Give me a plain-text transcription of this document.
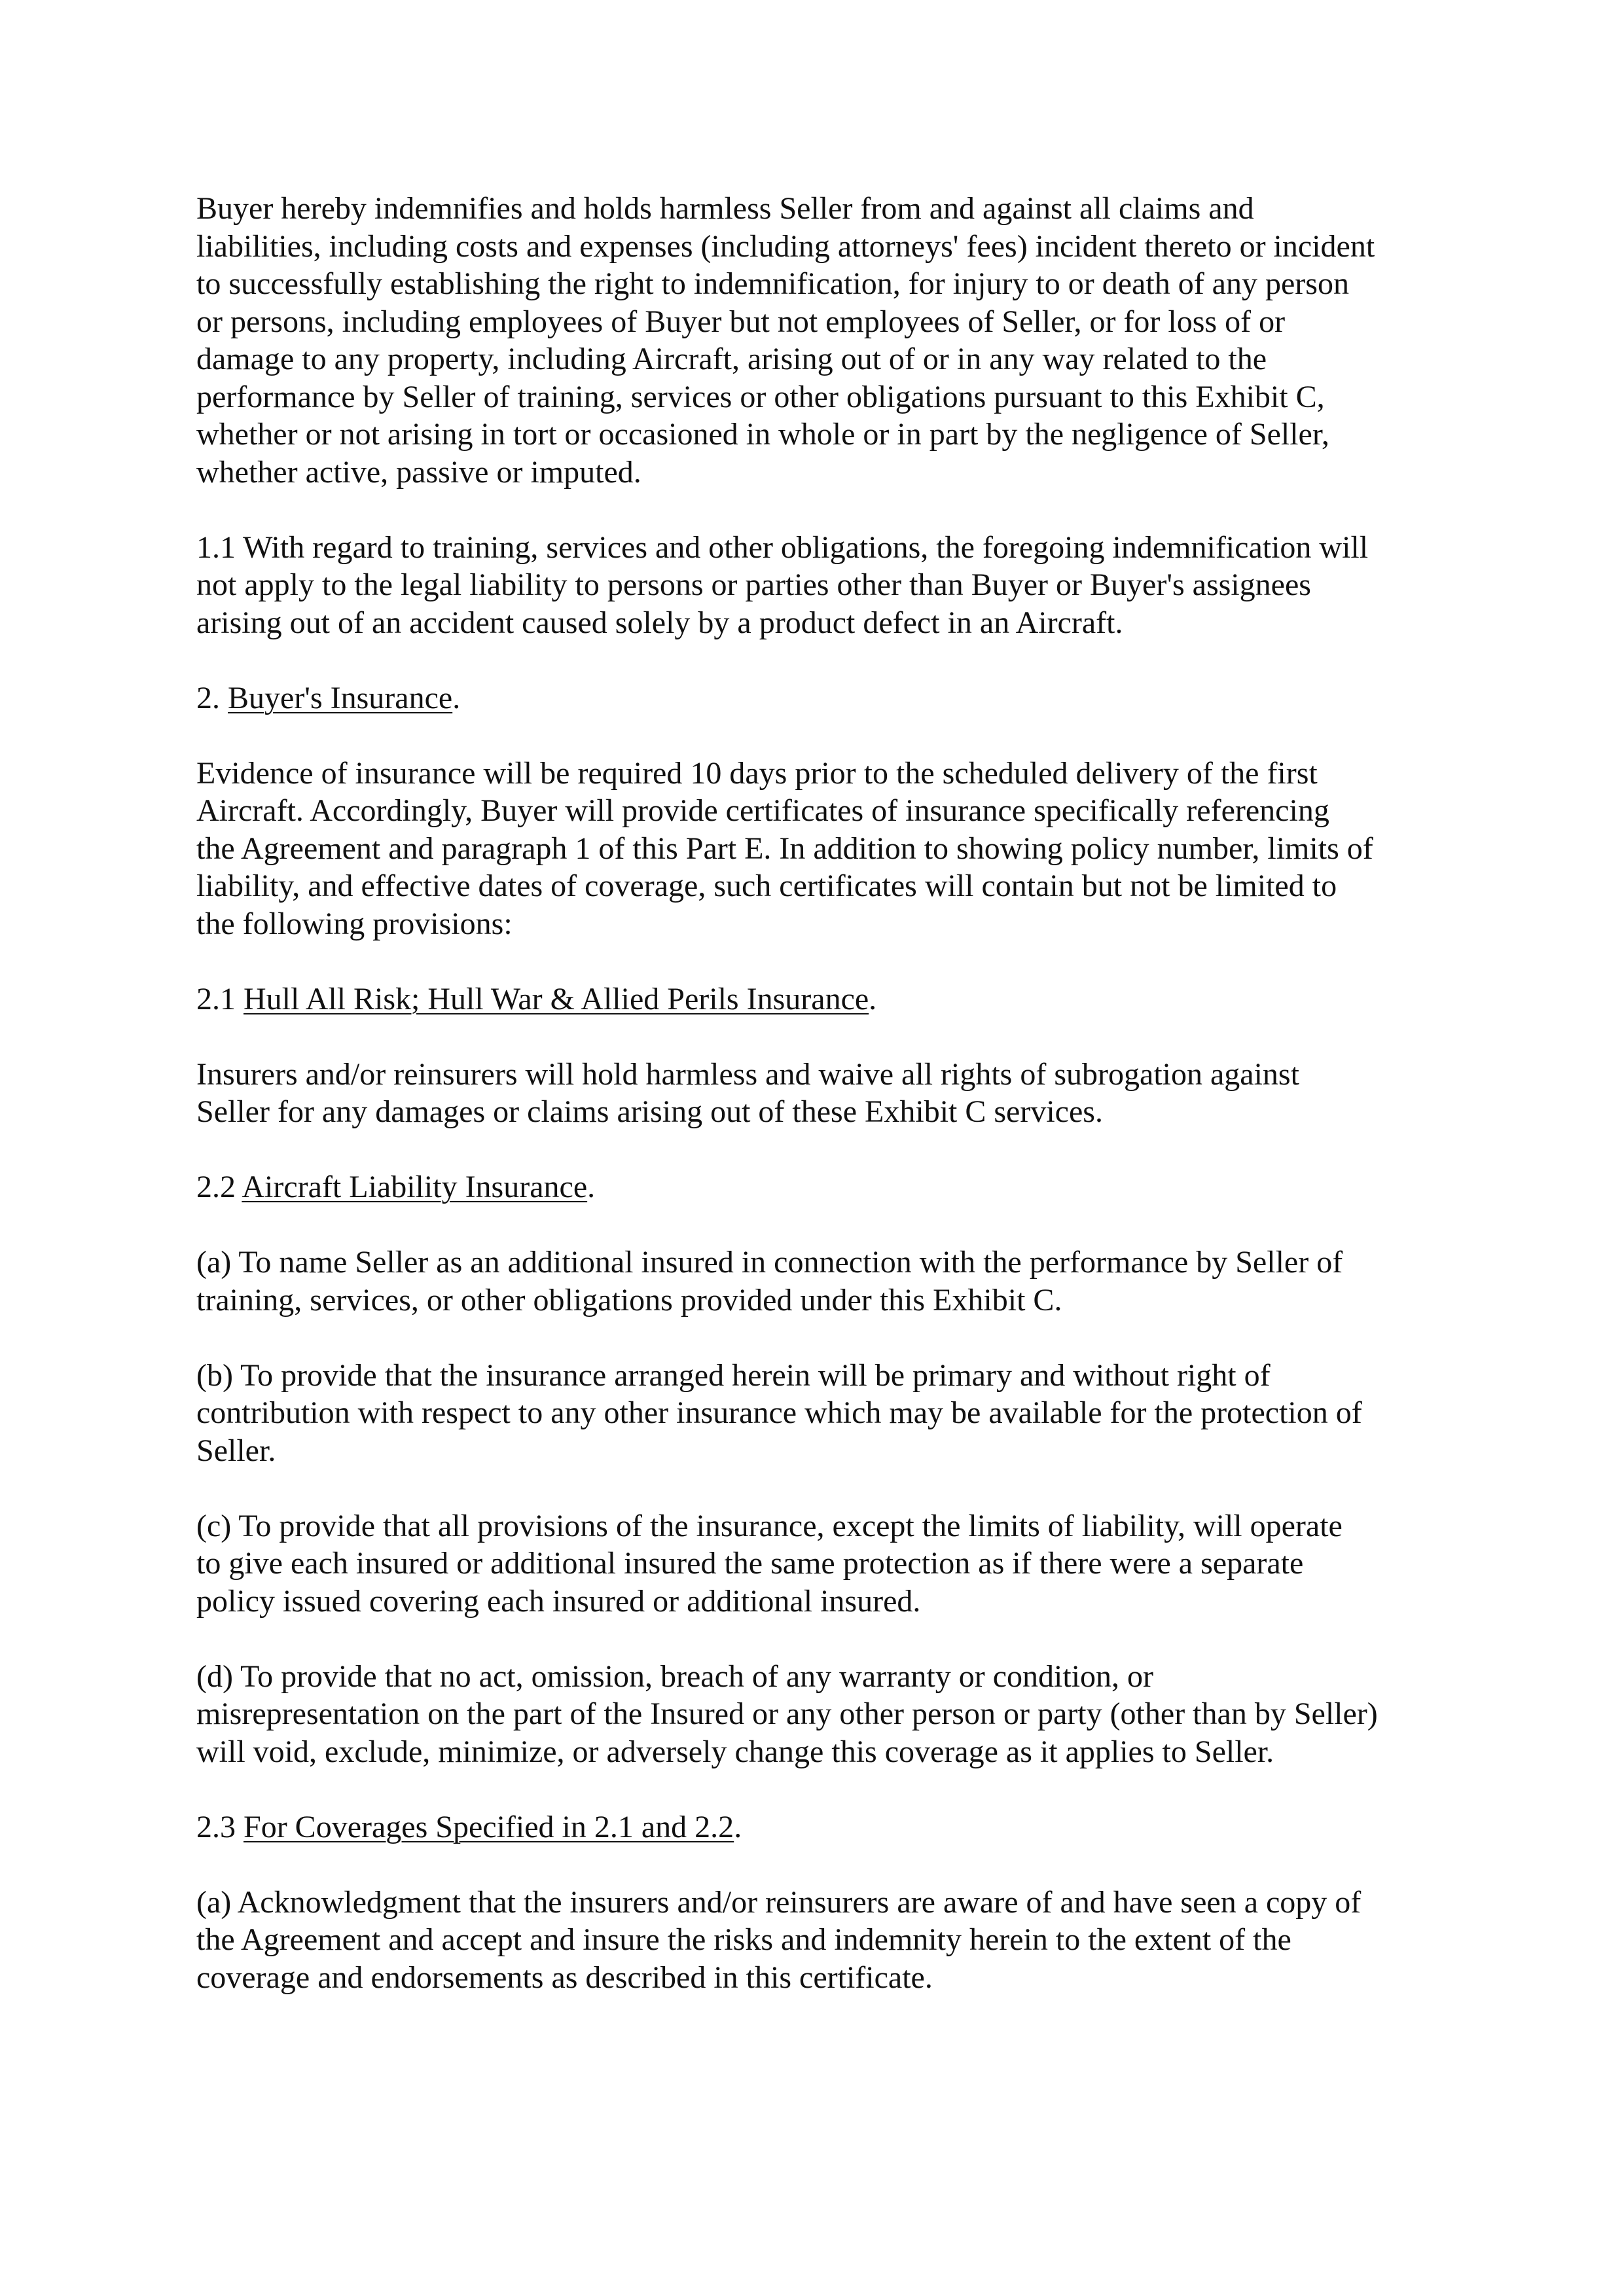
Buyer hereby indemnifies and holds harmless Seller from and against all claims and
liabilities, including costs and expenses (including attorneys' fees) incident thereto or incident
to successfully establishing the right to indemnification, for injury to or death of any person
or persons, including employees of Buyer but not employees of Seller, or for loss of or
damage to any property, including Aircraft, arising out of or in any way related to the
performance by Seller of training, services or other obligations pursuant to this Exhibit C,
whether or not arising in tort or occasioned in whole or in part by the negligence of Seller,
whether active, passive or imputed.

1.1 With regard to training, services and other obligations, the foregoing indemnification will
not apply to the legal liability to persons or parties other than Buyer or Buyer's assignees
arising out of an accident caused solely by a product defect in an Aircraft.

2. Buyer's Insurance.

Evidence of insurance will be required 10 days prior to the scheduled delivery of the first
Aircraft. Accordingly, Buyer will provide certificates of insurance specifically referencing
the Agreement and paragraph 1 of this Part E. In addition to showing policy number, limits of
liability, and effective dates of coverage, such certificates will contain but not be limited to
the following provisions:

2.1 Hull All Risk; Hull War & Allied Perils Insurance.

Insurers and/or reinsurers will hold harmless and waive all rights of subrogation against
Seller for any damages or claims arising out of these Exhibit C services.

2.2 Aircraft Liability Insurance.

(a) To name Seller as an additional insured in connection with the performance by Seller of
training, services, or other obligations provided under this Exhibit C.

(b) To provide that the insurance arranged herein will be primary and without right of
contribution with respect to any other insurance which may be available for the protection of
Seller.

(c) To provide that all provisions of the insurance, except the limits of liability, will operate
to give each insured or additional insured the same protection as if there were a separate
policy issued covering each insured or additional insured.

(d) To provide that no act, omission, breach of any warranty or condition, or
misrepresentation on the part of the Insured or any other person or party (other than by Seller)
will void, exclude, minimize, or adversely change this coverage as it applies to Seller.

2.3 For Coverages Specified in 2.1 and 2.2.

(a) Acknowledgment that the insurers and/or reinsurers are aware of and have seen a copy of
the Agreement and accept and insure the risks and indemnity herein to the extent of the
coverage and endorsements as described in this certificate.
